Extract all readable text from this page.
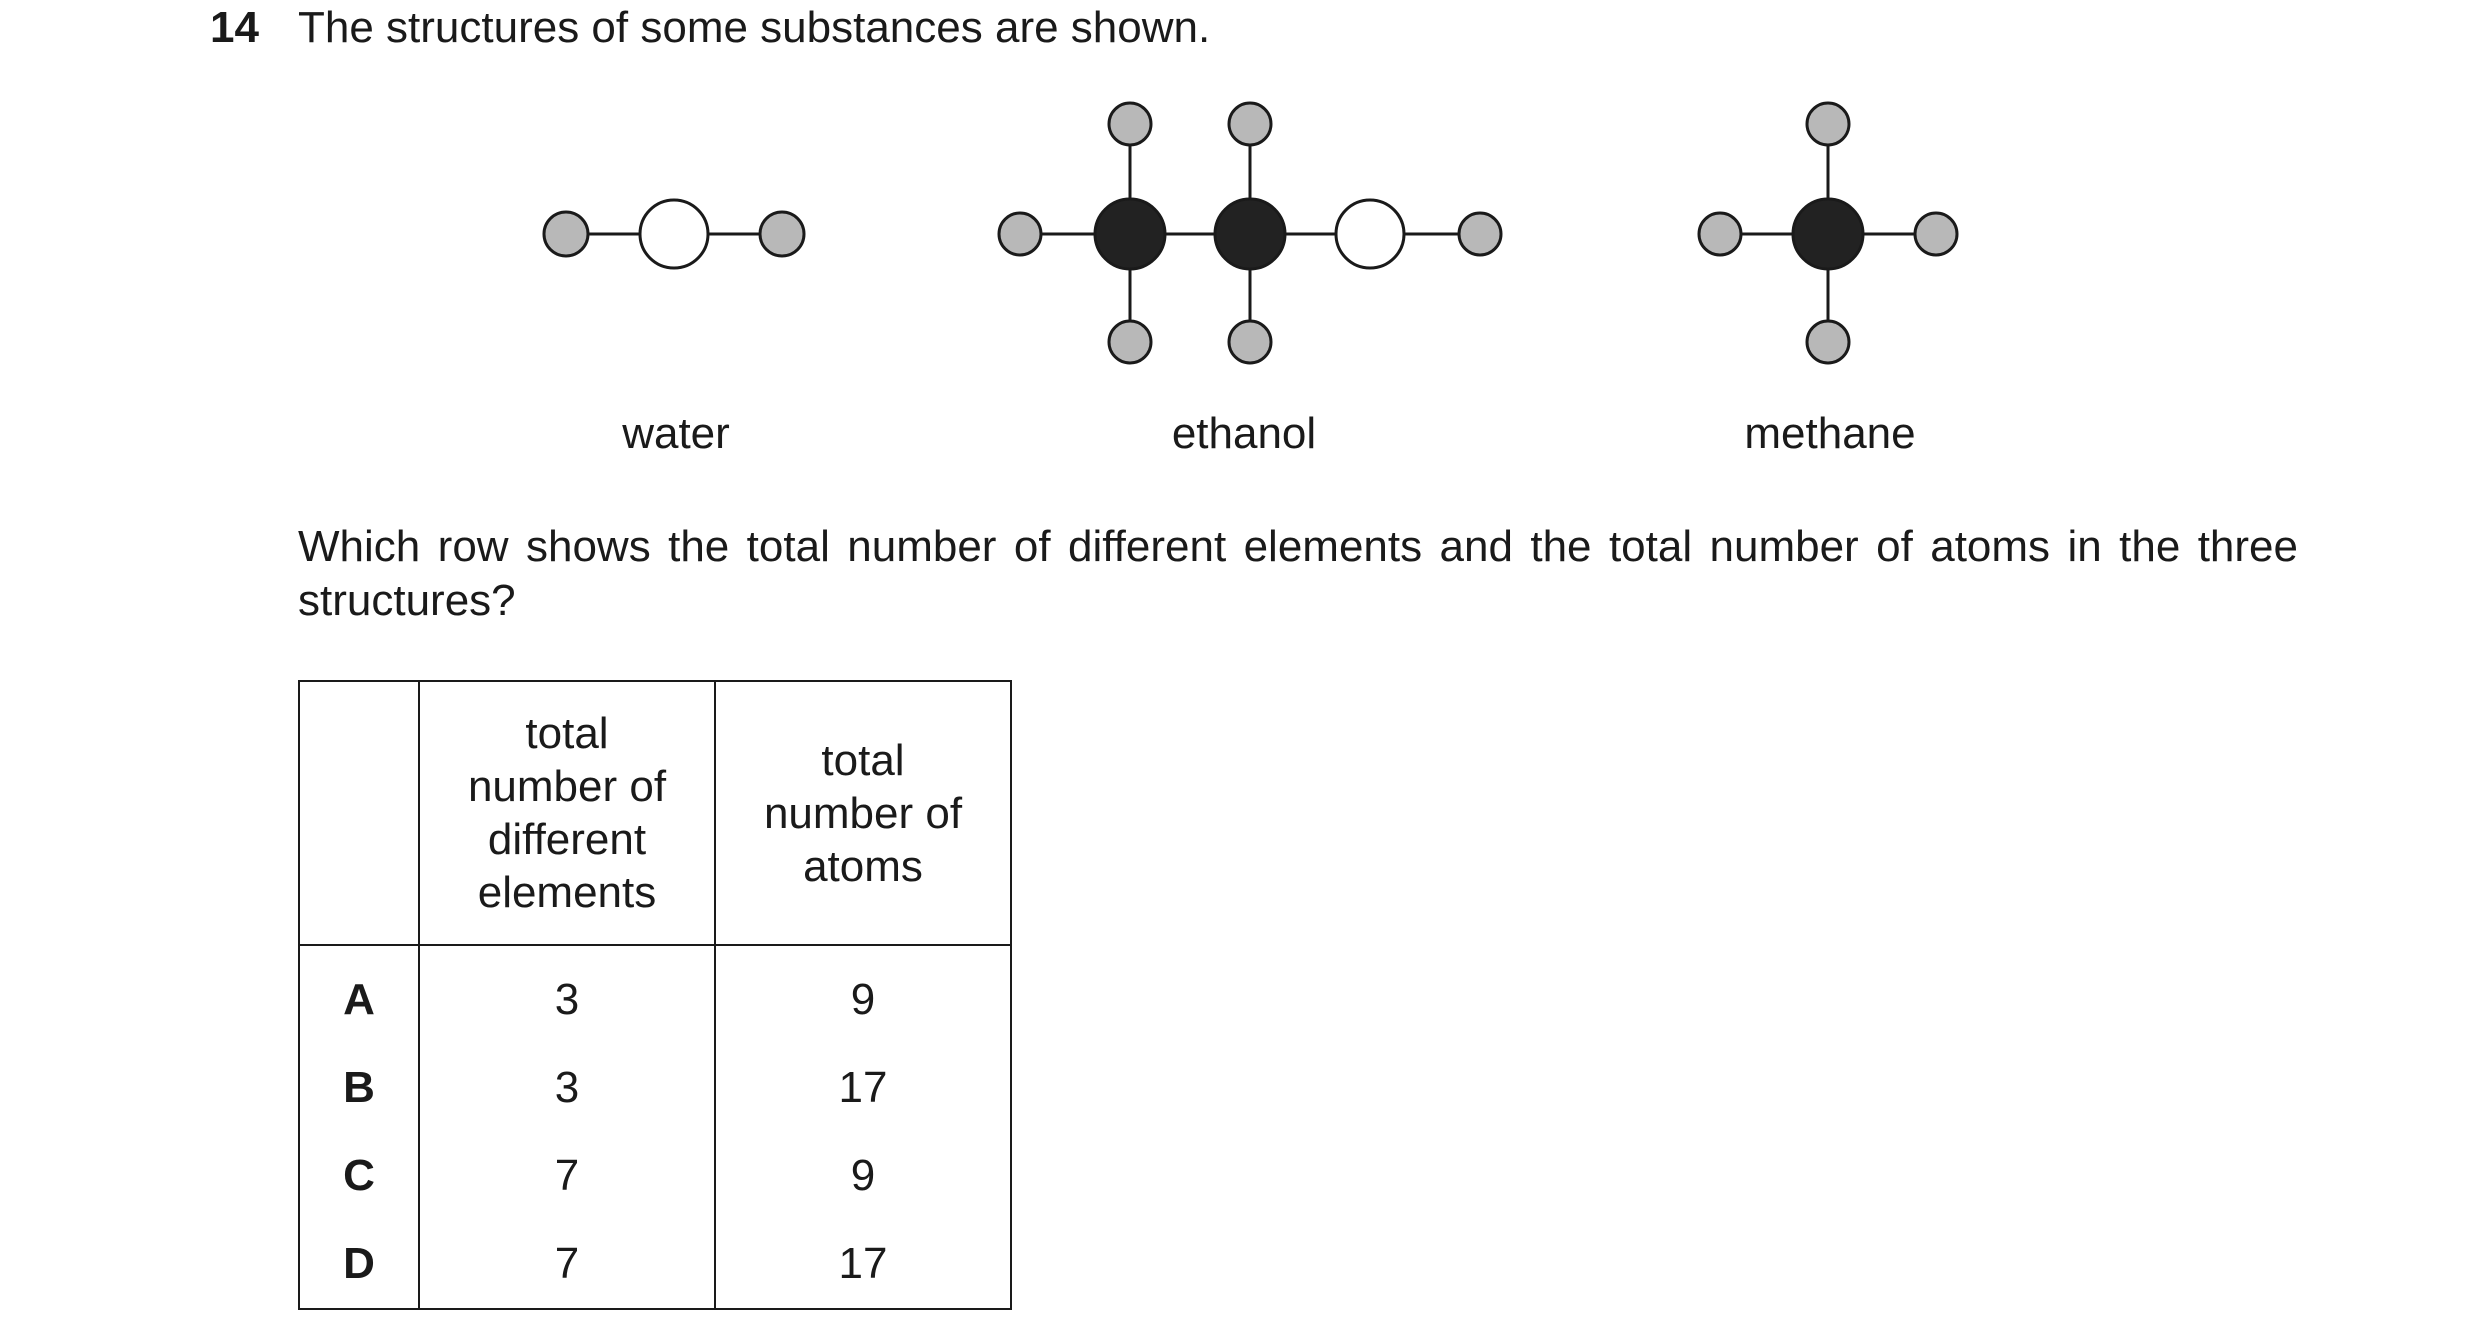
14 The structures of some substances are shown.
water	ethanol	methane
Which row shows the total number of different elements and the total number of atoms in the three structures?
	total
number of
different
elements	total
number of
atoms
A	3	9
B	3	17
C	7	9
D	7	17
